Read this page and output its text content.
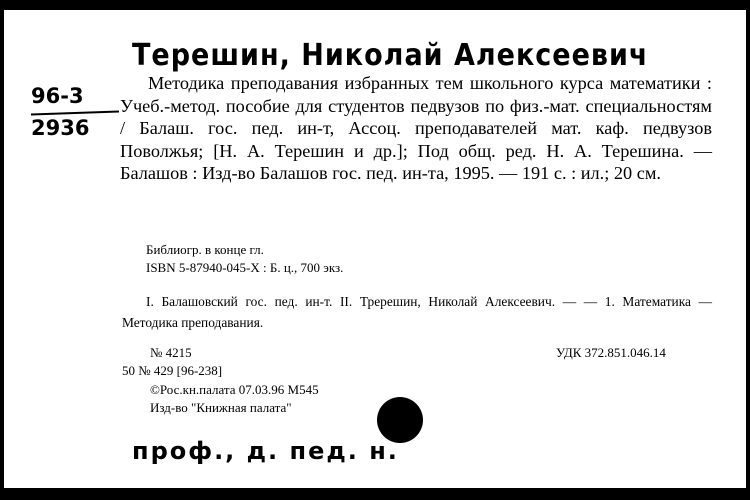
Терешин, Николай Алексеевич
96-3
2936
Методика преподавания избранных тем школьного курса математики : Учеб.-метод. пособие для студентов педвузов по физ.-мат. специальностям / Балаш. гос. пед. ин-т, Ассоц. преподавателей мат. каф. педвузов Поволжья; [Н. А. Терешин и др.]; Под общ. ред. Н. А. Терешина. — Балашов : Изд-во Балашов гос. пед. ин-та, 1995. — 191 с. : ил.; 20 см.
Библиогр. в конце гл.
ISBN 5-87940-045-X : Б. ц., 700 экз.
I. Балашовский гос. пед. ин-т. II. Тререшин, Николай Алексеевич. — — 1. Математика — Методика преподавания.
№ 4215	УДК 372.851.046.14
50 № 429 [96-238]
©Рос.кн.палата 07.03.96 M545
Изд-во "Книжная палата"
проф., д. пед. н.
